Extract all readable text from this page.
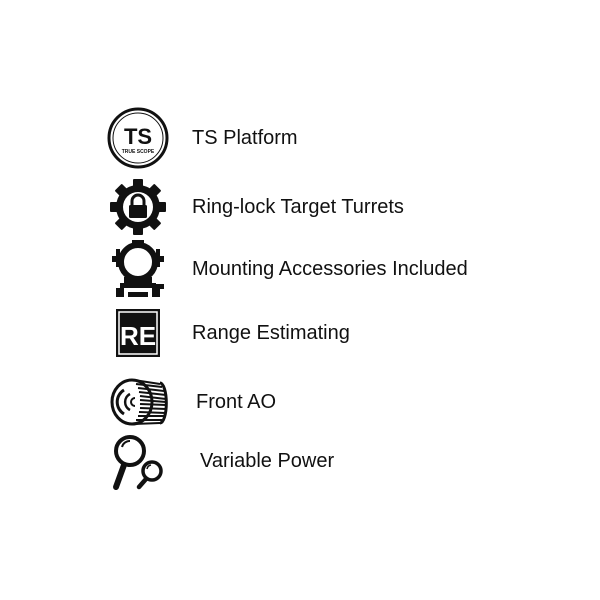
TS
TRUE SCOPE
TS Platform
Ring-lock Target Turrets
Mounting Accessories Included
RE Range Estimating
Front AO
Variable Power
